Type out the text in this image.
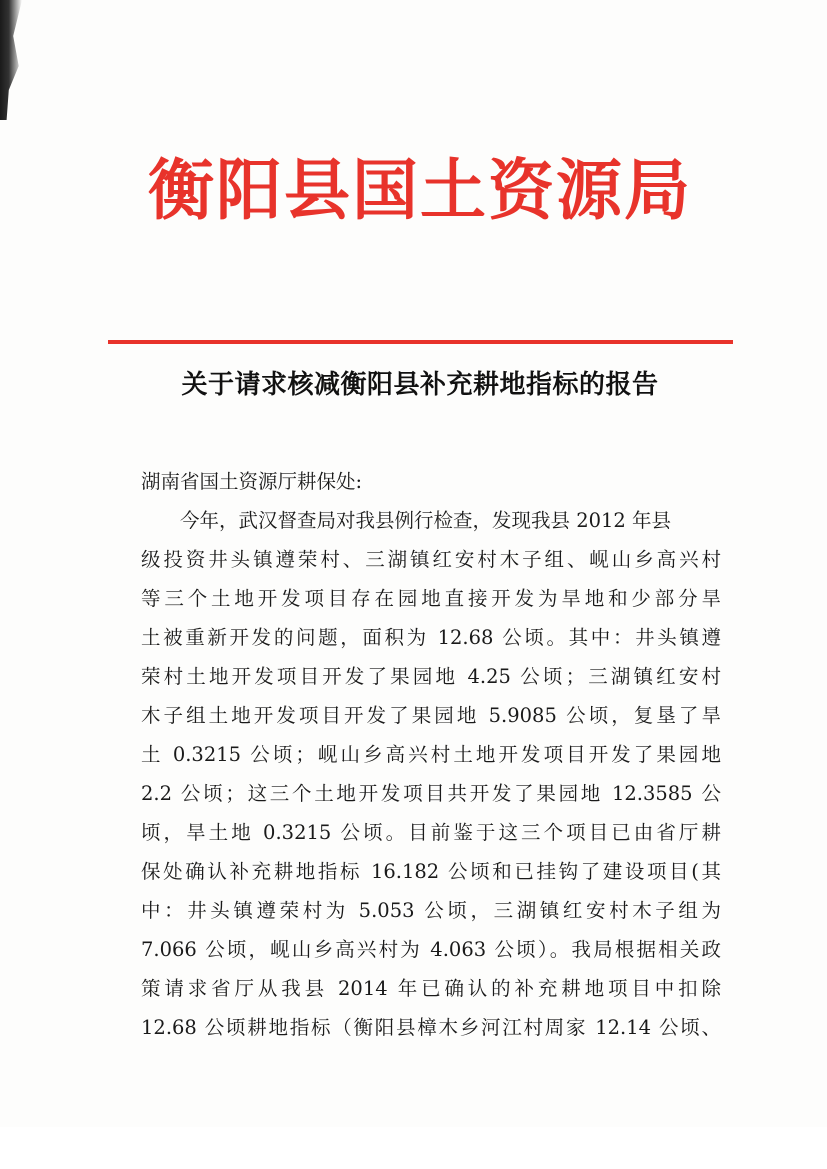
衡阳县国土资源局
关于请求核减衡阳县补充耕地指标的报告
湖南省国土资源厅耕保处:
今年，武汉督查局对我县例行检查，发现我县 2012 年县
级投资井头镇遵荣村、三湖镇红安村木子组、岘山乡高兴村
等三个土地开发项目存在园地直接开发为旱地和少部分旱
土被重新开发的问题，面积为 12.68 公顷。其中：井头镇遵
荣村土地开发项目开发了果园地 4.25 公顷；三湖镇红安村
木子组土地开发项目开发了果园地 5.9085 公顷，复垦了旱
土 0.3215 公顷；岘山乡高兴村土地开发项目开发了果园地
2.2 公顷；这三个土地开发项目共开发了果园地 12.3585 公
顷，旱土地 0.3215 公顷。目前鉴于这三个项目已由省厅耕
保处确认补充耕地指标 16.182 公顷和已挂钩了建设项目(其
中：井头镇遵荣村为 5.053 公顷，三湖镇红安村木子组为
7.066 公顷，岘山乡高兴村为 4.063 公顷）。我局根据相关政
策请求省厅从我县 2014 年已确认的补充耕地项目中扣除
12.68 公顷耕地指标（衡阳县樟木乡河江村周家 12.14 公顷、
